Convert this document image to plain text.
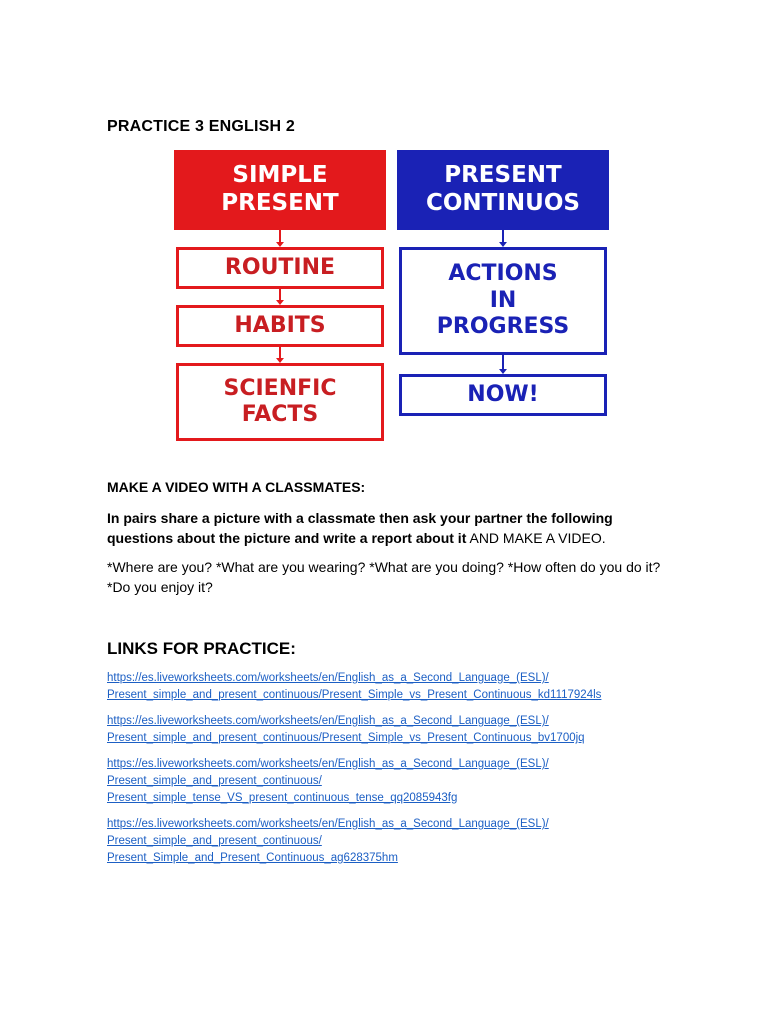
PRACTICE 3 ENGLISH 2
SIMPLE
PRESENT
ROUTINE
HABITS
SCIENFIC
FACTS
PRESENT
CONTINUOS
ACTIONS
IN
PROGRESS
NOW!
MAKE A VIDEO WITH A CLASSMATES:
In pairs share a picture with a classmate then ask your partner the following questions about the picture and write a report about it AND MAKE A VIDEO.
*Where are you? *What are you wearing? *What are you doing? *How often do you do it? *Do you enjoy it?
LINKS FOR PRACTICE:
https://es.liveworksheets.com/worksheets/en/English_as_a_Second_Language_(ESL)/
Present_simple_and_present_continuous/Present_Simple_vs_Present_Continuous_kd1117924ls
https://es.liveworksheets.com/worksheets/en/English_as_a_Second_Language_(ESL)/
Present_simple_and_present_continuous/Present_Simple_vs_Present_Continuous_bv1700jq
https://es.liveworksheets.com/worksheets/en/English_as_a_Second_Language_(ESL)/
Present_simple_and_present_continuous/
Present_simple_tense_VS_present_continuous_tense_qq2085943fg
https://es.liveworksheets.com/worksheets/en/English_as_a_Second_Language_(ESL)/
Present_simple_and_present_continuous/
Present_Simple_and_Present_Continuous_ag628375hm
